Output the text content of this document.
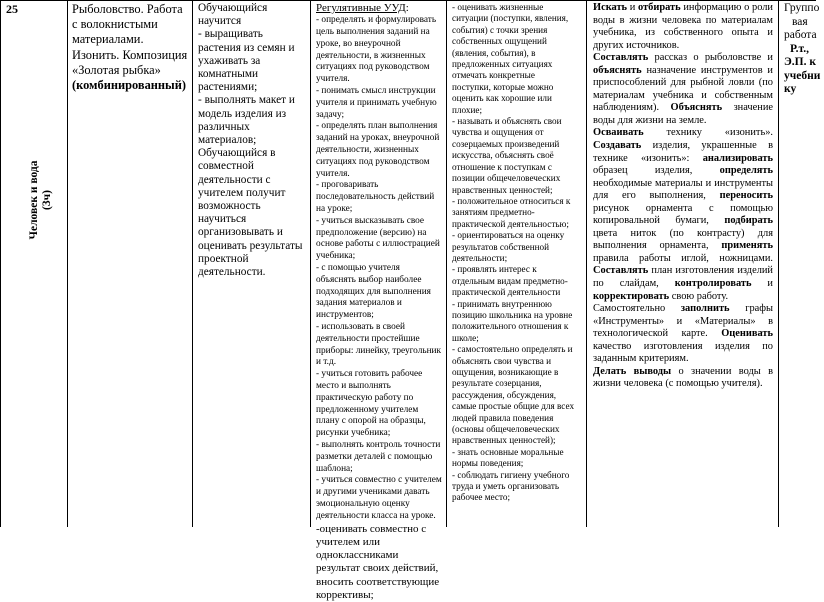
25
Человек и вода (3ч)

Рыболовство. Работа с волокнистыми материалами. Изонить. Композиция «Золотая рыбка»

(комбинированный)

Обучающийся научится

- выращивать растения из семян и ухаживать за комнатными растениями;

- выполнять макет и модель изделия из различных материалов;

Обучающийся в совместной деятельности с учителем получит возможность научиться организовывать и оценивать результаты проектной деятельности.

Регулятивные УУД:

- определять и формулировать цель выполнения заданий на уроке, во внеурочной деятельности, в жизненных ситуациях под руководством учителя.

- понимать смысл инструкции учителя и принимать учебную задачу;

- определять план выполнения заданий на уроках, внеурочной деятельности, жизненных ситуациях под руководством учителя.

- проговаривать последовательность действий на уроке;

- учиться высказывать свое предположение (версию) на основе работы с иллюстрацией учебника;

- с помощью учителя объяснять выбор наиболее подходящих для выполнения задания материалов и инструментов;

- использовать в своей деятельности простейшие приборы: линейку, треугольник и т.д.

- учиться готовить рабочее место и выполнять практическую работу по предложенному учителем плану с опорой на образцы, рисунки учебника;

- выполнять контроль точности разметки деталей с помощью шаблона;

- учиться совместно с учителем и другими учениками давать эмоциональную оценку деятельности класса на уроке.

-оценивать совместно с учителем или одноклассниками результат своих действий, вносить соответствующие коррективы;

- оценивать жизненные ситуации (поступки, явления, события) с точки зрения собственных ощущений (явления, события), в предложенных ситуациях отмечать конкретные поступки, которые можно оценить как хорошие или плохие;

- называть и объяснять свои чувства и ощущения от созерцаемых произведений искусства, объяснять своё отношение к поступкам с позиции общечеловеческих нравственных ценностей;

- положительное относиться к занятиям предметно-практической деятельностью;

- ориентироваться на оценку результатов собственной деятельности;

- проявлять интерес к отдельным видам предметно-практической деятельности

- принимать внутреннюю позицию школьника на уровне положительного отношения к школе;

- самостоятельно определять и объяснять свои чувства и ощущения, возникающие в результате созерцания, рассуждения, обсуждения, самые простые общие для всех людей правила поведения (основы общечеловеческих нравственных ценностей);

- знать основные моральные нормы поведения;

- соблюдать гигиену учебного труда и уметь организовать рабочее место;

Искать и отбирать информацию о роли воды в жизни человека по материалам учебника, из собственного опыта и других источников.

Составлять рассказ о рыболовстве и объяснять назначение инструментов и приспособлений для рыбной ловли (по материалам учебника и собственным наблюдениям). Объяснять значение воды для жизни на земле.

Осваивать технику «изонить». Создавать изделия, украшенные в технике «изонить»: анализировать образец изделия, определять необходимые материалы и инструменты для его выполнения, переносить рисунок орнамента с помощью копировальной бумаги, подбирать цвета ниток (по контрасту) для выполнения орнамента, применять правила работы иглой, ножницами. Составлять план изготовления изделий по слайдам, контролировать и корректировать свою работу.

Самостоятельно заполнить графы «Инструменты» и «Материалы» в технологической карте. Оценивать качество изготовления изделия по заданным критериям.

Делать выводы о значении воды в жизни человека (с помощью учителя).

Группо

вая

работа

Р.т.,

Э.П. к

учебни

ку
